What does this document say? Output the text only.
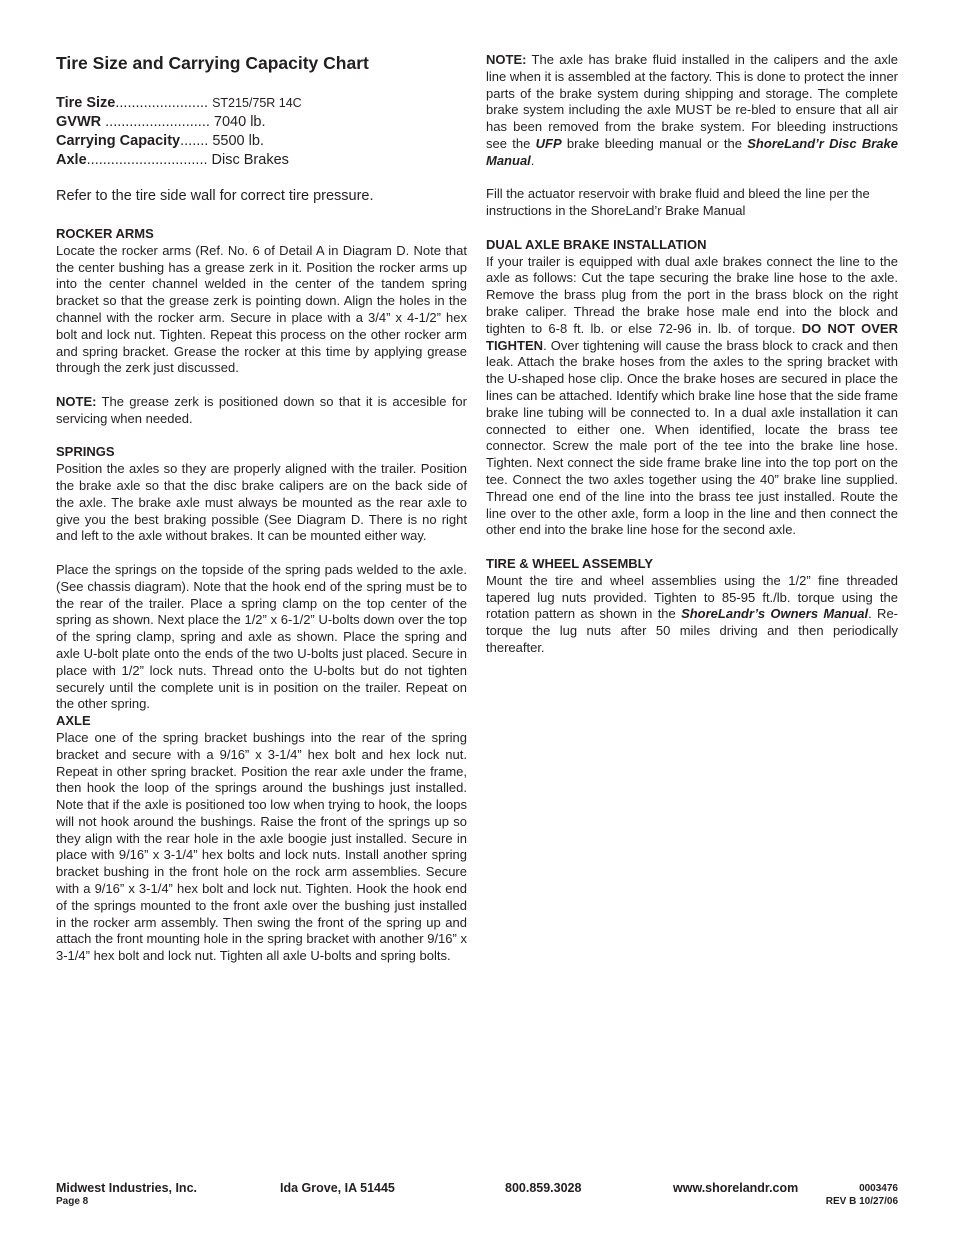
Tire Size and Carrying Capacity Chart
Tire Size....................... ST215/75R 14C
GVWR .......................... 7040 lb.
Carrying Capacity....... 5500 lb.
Axle.............................. Disc Brakes
Refer to the tire side wall for correct tire pressure.
ROCKER ARMS

Locate the rocker arms (Ref. No. 6 of Detail A in Diagram D. Note that the center bushing has a grease zerk in it. Position the rocker arms up into the center channel welded in the center of the tandem spring bracket so that the grease zerk is pointing down. Align the holes in the channel with the rocker arm. Secure in place with a 3/4” x 4-1/2” hex bolt and lock nut. Tighten. Repeat this process on the other rocker arm and spring bracket. Grease the rocker at this time by applying grease through the zerk just discussed.

NOTE: The grease zerk is positioned down so that it is accesible for servicing when needed.

SPRINGS

Position the axles so they are properly aligned with the trailer. Position the brake axle so that the disc brake calipers are on the back side of the axle. The brake axle must always be mounted as the rear axle to give you the best braking possible (See Diagram D. There is no right and left to the axle without brakes. It can be mounted either way.

Place the springs on the topside of the spring pads welded to the axle. (See chassis diagram). Note that the hook end of the spring must be to the rear of the trailer. Place a spring clamp on the top center of the spring as shown. Next place the 1/2” x 6-1/2” U-bolts down over the top of the spring clamp, spring and axle as shown. Place the spring and axle U-bolt plate onto the ends of the two U-bolts just placed. Secure in place with 1/2” lock nuts. Thread onto the U-bolts but do not tighten securely until the complete unit is in position on the trailer. Repeat on the other spring.

AXLE

Place one of the spring bracket bushings into the rear of the spring bracket and secure with a 9/16” x 3-1/4” hex bolt and hex lock nut. Repeat in other spring bracket. Position the rear axle under the frame, then hook the loop of the springs around the bushings just installed. Note that if the axle is positioned too low when trying to hook, the loops will not hook around the bushings. Raise the front of the springs up so they align with the rear hole in the axle boogie just installed. Secure in place with 9/16” x 3-1/4” hex bolts and lock nuts. Install another spring bracket bushing in the front hole on the rock arm assemblies. Secure with a 9/16” x 3-1/4” hex bolt and lock nut. Tighten. Hook the hook end of the springs mounted to the front axle over the bushing just installed in the rocker arm assembly. Then swing the front of the spring up and attach the front mounting hole in the spring bracket with another 9/16” x 3-1/4” hex bolt and lock nut. Tighten all axle U-bolts and spring bolts.

NOTE: The axle has brake fluid installed in the calipers and the axle line when it is assembled at the factory. This is done to protect the inner parts of the brake system during shipping and storage. The complete brake system including the axle MUST be re-bled to ensure that all air has been removed from the brake system. For bleeding instructions see the UFP brake bleeding manual or the ShoreLand’r Disc Brake Manual.

Fill the actuator reservoir with brake fluid and bleed the line per the instructions in the ShoreLand’r Brake Manual

DUAL AXLE BRAKE INSTALLATION

If your trailer is equipped with dual axle brakes connect the line to the axle as follows: Cut the tape securing the brake line hose to the axle. Remove the brass plug from the port in the brass block on the right brake caliper. Thread the brake hose male end into the block and tighten to 6-8 ft. lb. or else 72-96 in. lb. of torque. DO NOT OVER TIGHTEN. Over tightening will cause the brass block to crack and then leak. Attach the brake hoses from the axles to the spring bracket with the U-shaped hose clip. Once the brake hoses are secured in place the lines can be attached. Identify which brake line hose that the side frame brake line tubing will be connected to. In a dual axle installation it can connected to either one. When identified, locate the brass tee connector. Screw the male port of the tee into the brake line hose. Tighten. Next connect the side frame brake line into the top port on the tee. Connect the two axles together using the 40” brake line supplied. Thread one end of the line into the brass tee just installed. Route the line over to the other axle, form a loop in the line and then connect the other end into the brake line hose for the second axle.

TIRE & WHEEL ASSEMBLY

Mount the tire and wheel assemblies using the 1/2” fine threaded tapered lug nuts provided. Tighten to 85-95 ft./lb. torque using the rotation pattern as shown in the ShoreLandr’s Owners Manual. Re-torque the lug nuts after 50 miles driving and then periodically thereafter.

Midwest Industries, Inc.
Page 8
Ida Grove, IA 51445	800.859.3028	www.shorelandr.com	0003476
REV B 10/27/06
